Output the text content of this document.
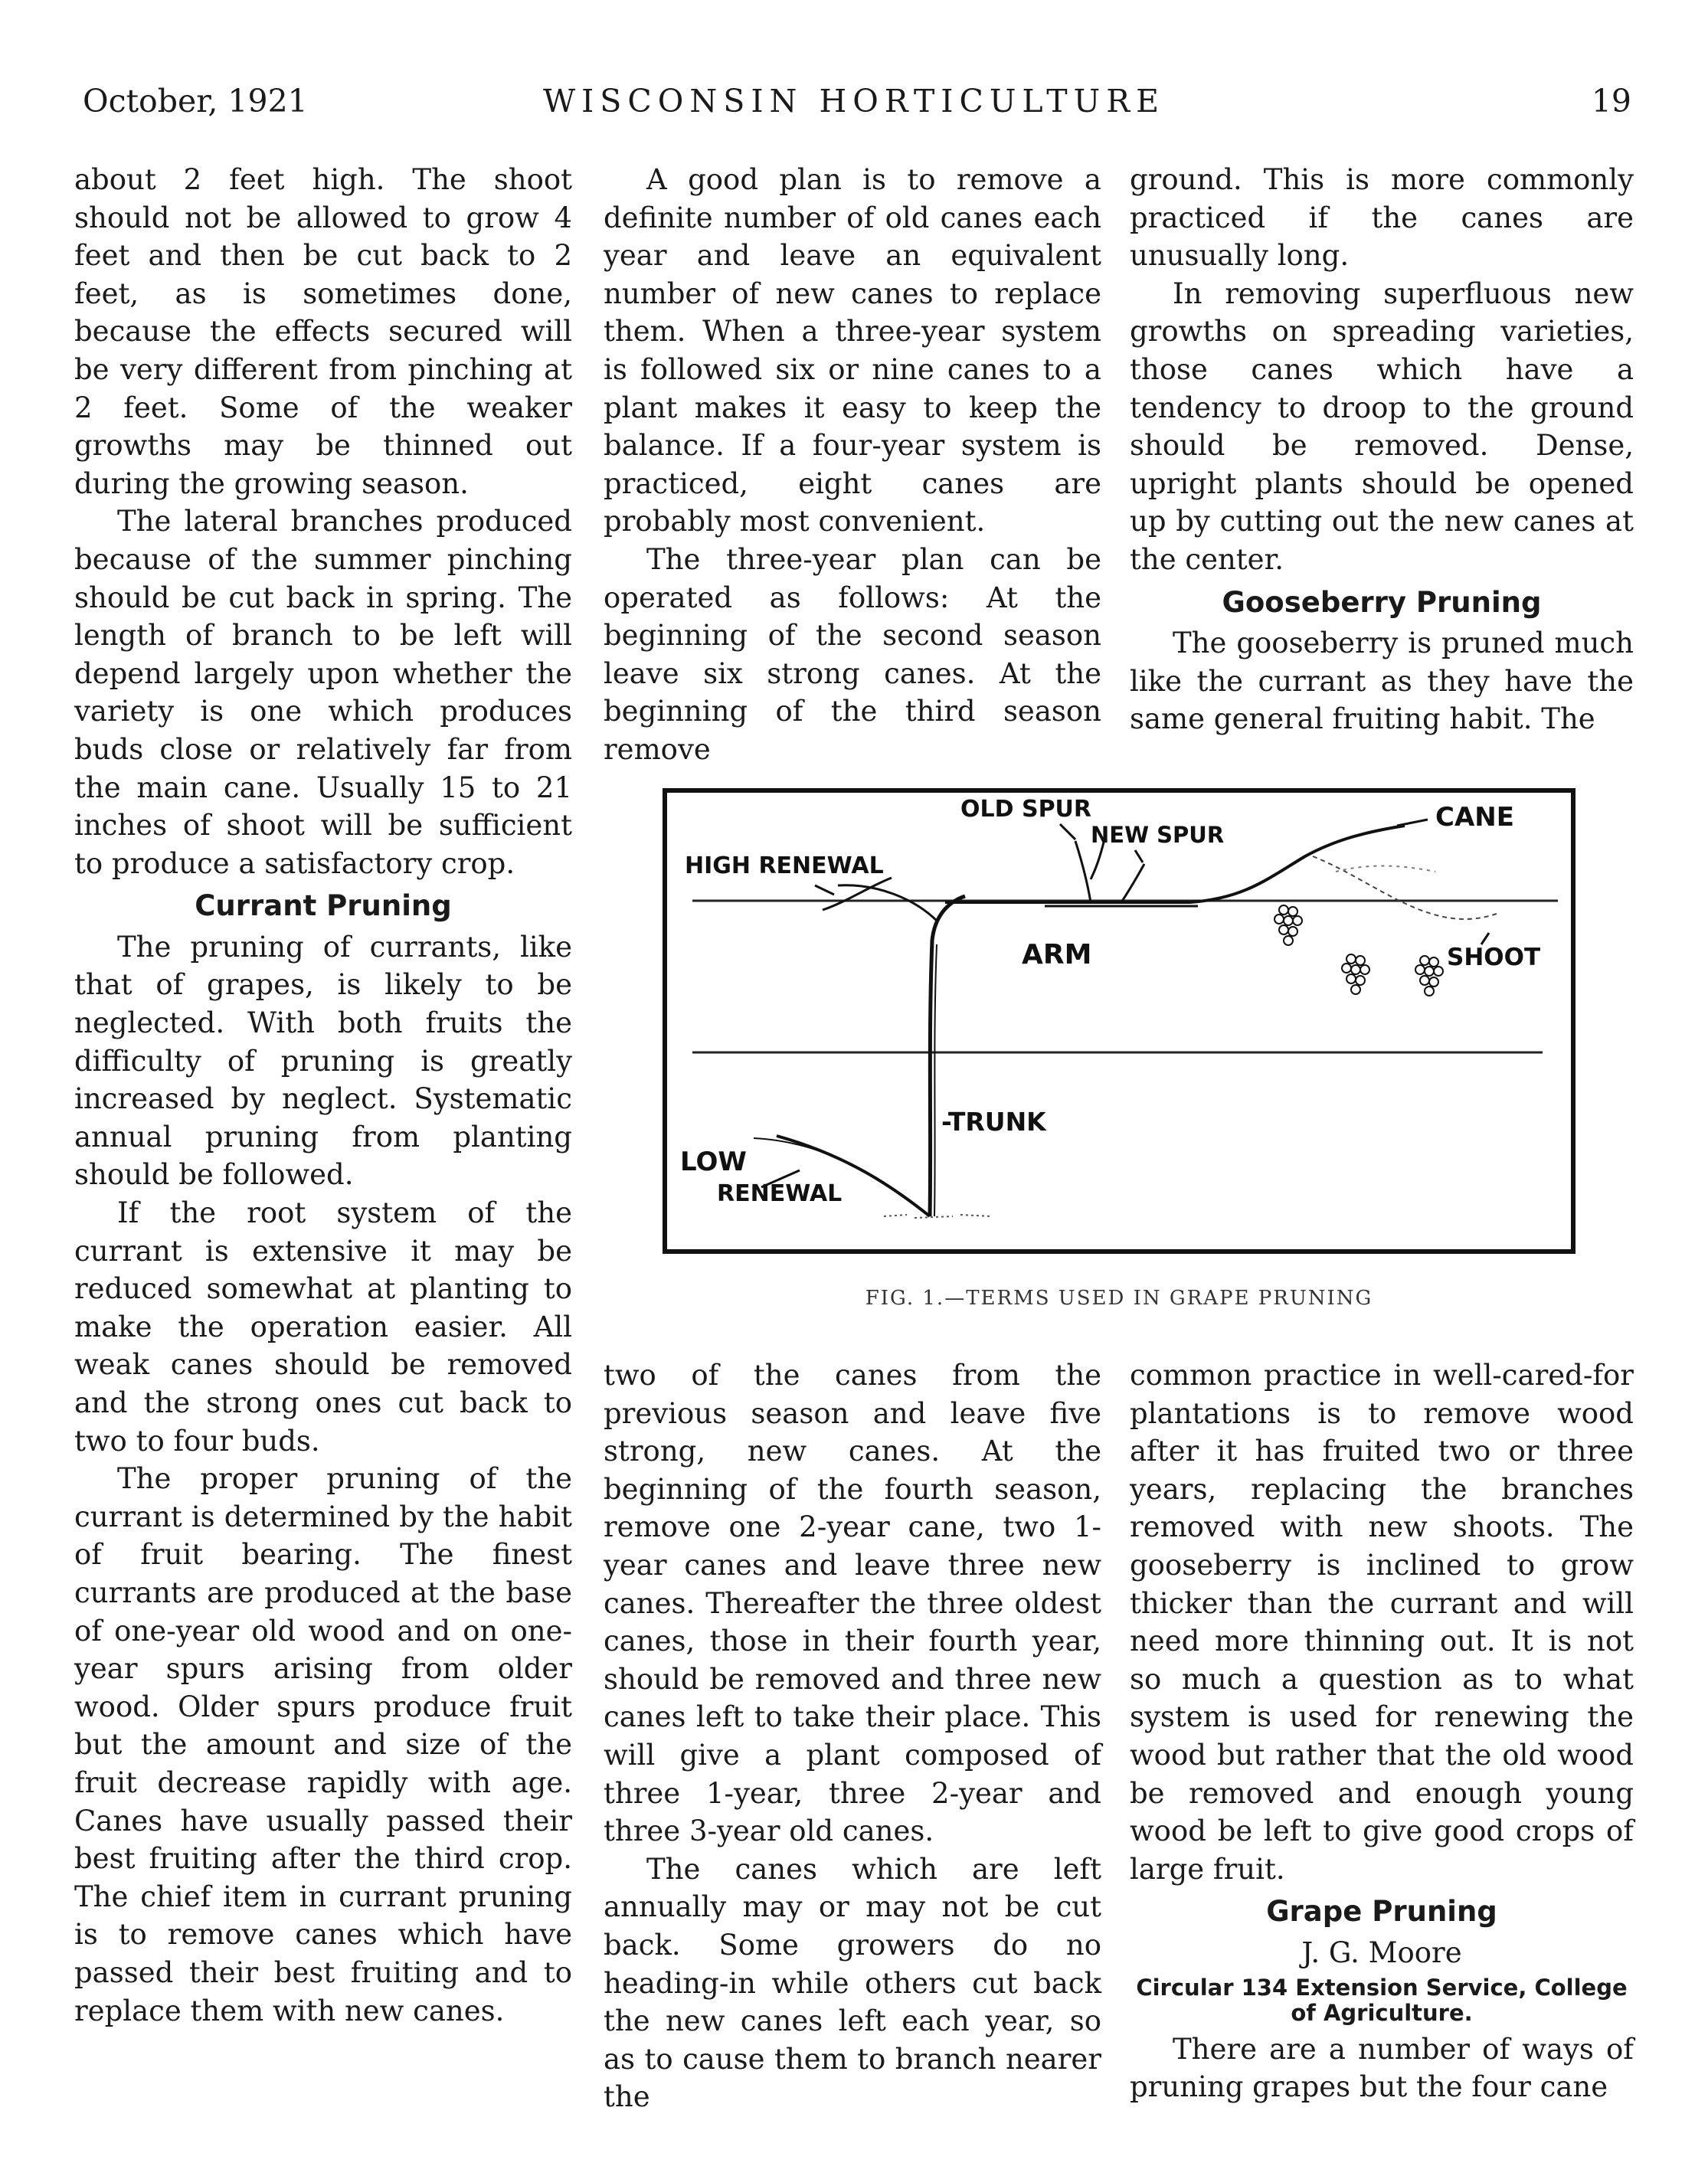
October, 1921	WISCONSIN HORTICULTURE	19

about 2 feet high. The shoot should not be allowed to grow 4 feet and then be cut back to 2 feet, as is sometimes done, because the effects secured will be very different from pinching at 2 feet. Some of the weaker growths may be thinned out during the growing season.

The lateral branches produced because of the summer pinching should be cut back in spring. The length of branch to be left will depend largely upon whether the variety is one which produces buds close or relatively far from the main cane. Usually 15 to 21 inches of shoot will be sufficient to produce a satisfactory crop.

Currant Pruning

The pruning of currants, like that of grapes, is likely to be neglected. With both fruits the difficulty of pruning is greatly increased by neglect. Systematic annual pruning from planting should be followed.

If the root system of the currant is extensive it may be reduced somewhat at planting to make the operation easier. All weak canes should be removed and the strong ones cut back to two to four buds.

The proper pruning of the currant is determined by the habit of fruit bearing. The finest currants are produced at the base of one-year old wood and on one-year spurs arising from older wood. Older spurs produce fruit but the amount and size of the fruit decrease rapidly with age. Canes have usually passed their best fruiting after the third crop. The chief item in currant pruning is to remove canes which have passed their best fruiting and to replace them with new canes.

A good plan is to remove a definite number of old canes each year and leave an equivalent number of new canes to replace them. When a three-year system is followed six or nine canes to a plant makes it easy to keep the balance. If a four-year system is practiced, eight canes are probably most convenient.

The three-year plan can be operated as follows: At the beginning of the second season leave six strong canes. At the beginning of the third season remove

ground. This is more commonly practiced if the canes are unusually long.

In removing superfluous new growths on spreading varieties, those canes which have a tendency to droop to the ground should be removed. Dense, upright plants should be opened up by cutting out the new canes at the center.

Gooseberry Pruning

The gooseberry is pruned much like the currant as they have the same general fruiting habit. The

OLD SPUR
NEW SPUR
CANE
HIGH RENEWAL
ARM	SHOOT
-TRUNK
LOW
RENEWAL
FIG. 1.—TERMS USED IN GRAPE PRUNING

two of the canes from the previous season and leave five strong, new canes. At the beginning of the fourth season, remove one 2-year cane, two 1-year canes and leave three new canes. Thereafter the three oldest canes, those in their fourth year, should be removed and three new canes left to take their place. This will give a plant composed of three 1-year, three 2-year and three 3-year old canes.

The canes which are left annually may or may not be cut back. Some growers do no heading-in while others cut back the new canes left each year, so as to cause them to branch nearer the

common practice in well-cared-for plantations is to remove wood after it has fruited two or three years, replacing the branches removed with new shoots. The gooseberry is inclined to grow thicker than the currant and will need more thinning out. It is not so much a question as to what system is used for renewing the wood but rather that the old wood be removed and enough young wood be left to give good crops of large fruit.

Grape Pruning
J. G. Moore
Circular 134 Extension Service, College of Agriculture.

There are a number of ways of pruning grapes but the four cane
